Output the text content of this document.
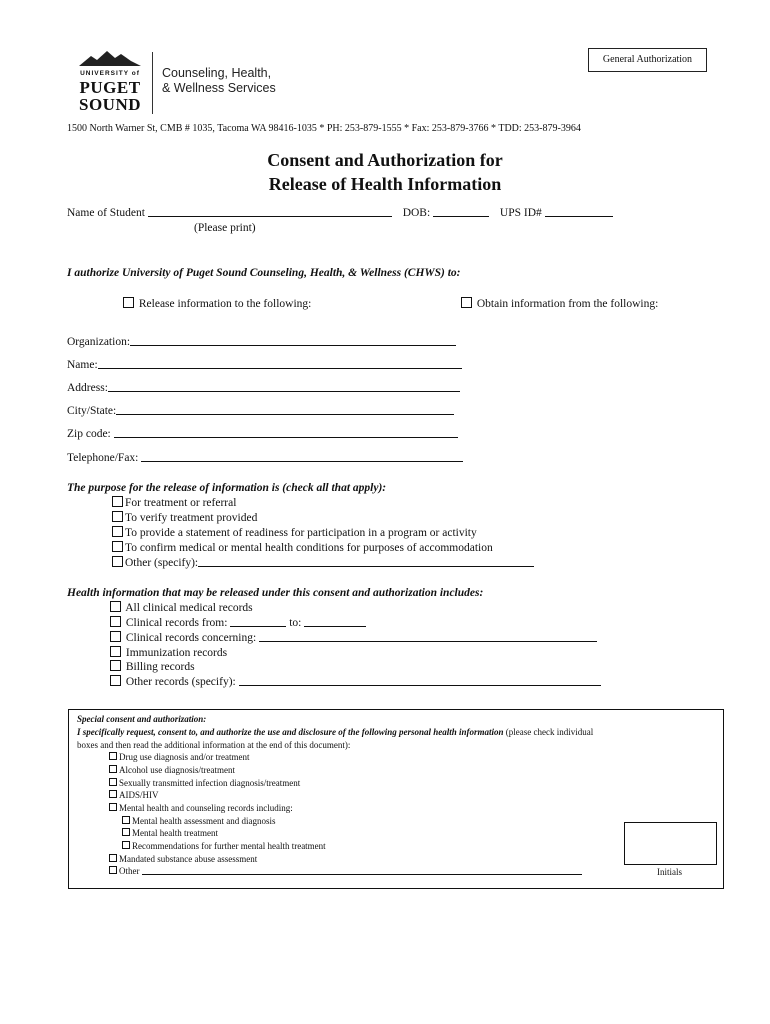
Est. 1888
UNIVERSITY of
PUGET
SOUND
Counseling, Health,
& Wellness Services
General Authorization
1500 North Warner St, CMB # 1035, Tacoma WA 98416-1035 * PH: 253-879-1555 * Fax: 253-879-3766 * TDD: 253-879-3964
Consent and Authorization for
Release of Health Information
Name of Student	DOB:	UPS ID#
(Please print)
I authorize University of Puget Sound Counseling, Health, & Wellness (CHWS) to:
Release information to the following:	Obtain information from the following:
Organization:
Name:
Address:
City/State:
Zip code:
Telephone/Fax:
The purpose for the release of information is (check all that apply):
For treatment or referral
To verify treatment provided
To provide a statement of readiness for participation in a program or activity
To confirm medical or mental health conditions for purposes of accommodation
Other (specify):
Health information that may be released under this consent and authorization includes:
All clinical medical records
Clinical records from:	to:
Clinical records concerning:
Immunization records
Billing records
Other records (specify):
Special consent and authorization:
I specifically request, consent to, and authorize the use and disclosure of the following personal health information (please check individual
boxes and then read the additional information at the end of this document):
Drug use diagnosis and/or treatment
Alcohol use diagnosis/treatment
Sexually transmitted infection diagnosis/treatment
AIDS/HIV
Mental health and counseling records including:
Mental health assessment and diagnosis
Mental health treatment
Recommendations for further mental health treatment
Mandated substance abuse assessment
Other	Initials
